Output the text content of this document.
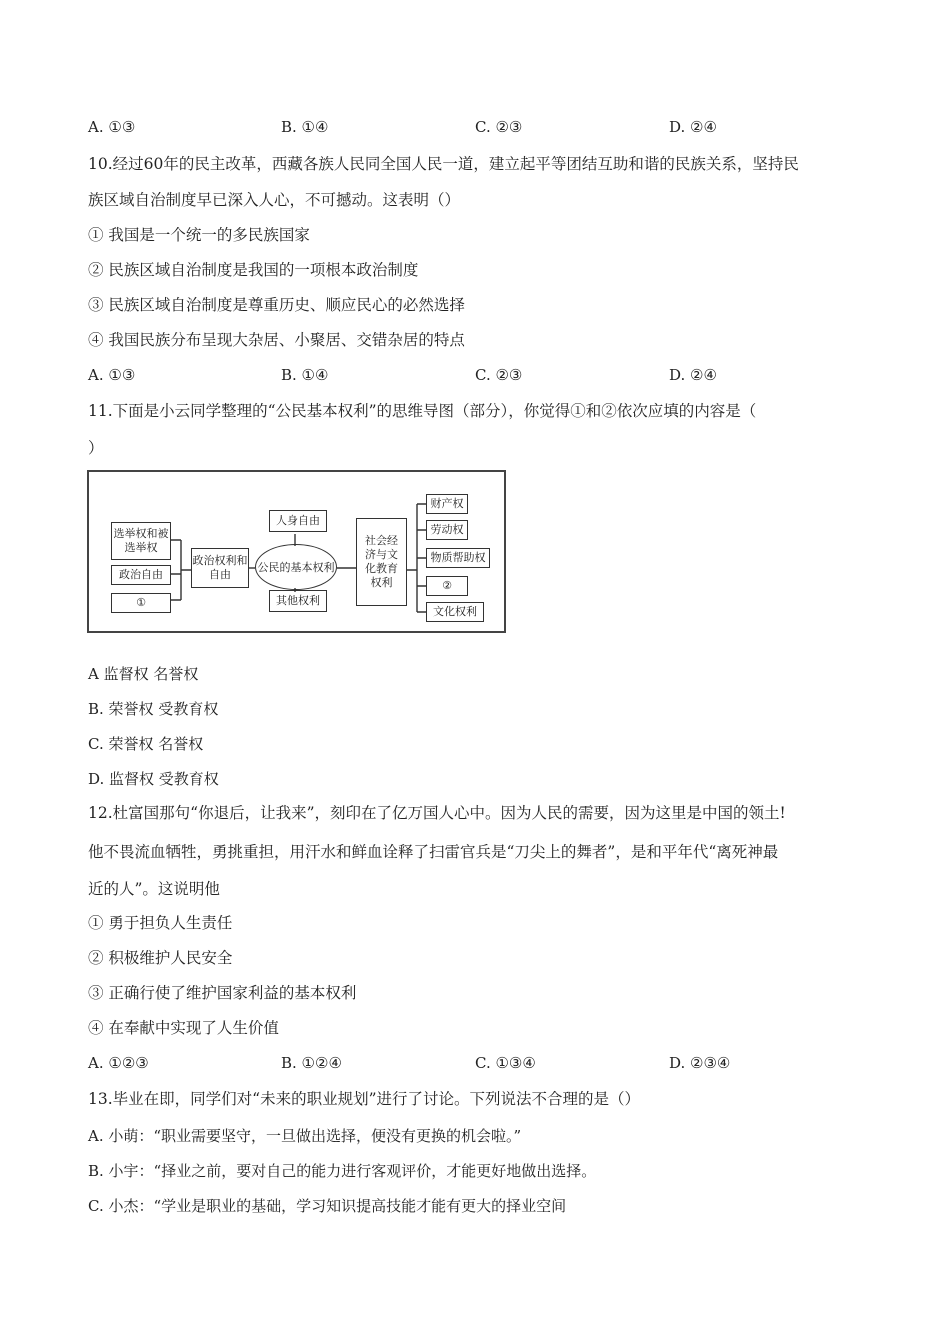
A. ①③	B. ①④	C. ②③	D. ②④
10.经过60年的民主改革，西藏各族人民同全国人民一道，建立起平等团结互助和谐的民族关系，坚持民
族区域自治制度早已深入人心，不可撼动。这表明（）
① 我国是一个统一的多民族国家
② 民族区域自治制度是我国的一项根本政治制度
③ 民族区域自治制度是尊重历史、顺应民心的必然选择
④ 我国民族分布呈现大杂居、小聚居、交错杂居的特点
A. ①③	B. ①④	C. ②③	D. ②④
11.下面是小云同学整理的“公民基本权利”的思维导图（部分），你觉得①和②依次应填的内容是（
）
选举权和被选举权
政治自由
①
政治权利和自由
人身自由
公民的基本权利
其他权利
社会经济与文化教育权利
财产权
劳动权
物质帮助权
②
文化权利
A 监督权 名誉权
B. 荣誉权 受教育权
C. 荣誉权 名誉权
D. 监督权 受教育权
12.杜富国那句“你退后，让我来”，刻印在了亿万国人心中。因为人民的需要，因为这里是中国的领土!
他不畏流血牺牲，勇挑重担，用汗水和鲜血诠释了扫雷官兵是“刀尖上的舞者”，是和平年代“离死神最
近的人”。这说明他
① 勇于担负人生责任
② 积极维护人民安全
③ 正确行使了维护国家利益的基本权利
④ 在奉献中实现了人生价值
A. ①②③	B. ①②④	C. ①③④	D. ②③④
13.毕业在即，同学们对“未来的职业规划”进行了讨论。下列说法不合理的是（）
A. 小萌：“职业需要坚守，一旦做出选择，便没有更换的机会啦。”
B. 小宇：“择业之前，要对自己的能力进行客观评价，才能更好地做出选择。
C. 小杰：“学业是职业的基础，学习知识提高技能才能有更大的择业空间
